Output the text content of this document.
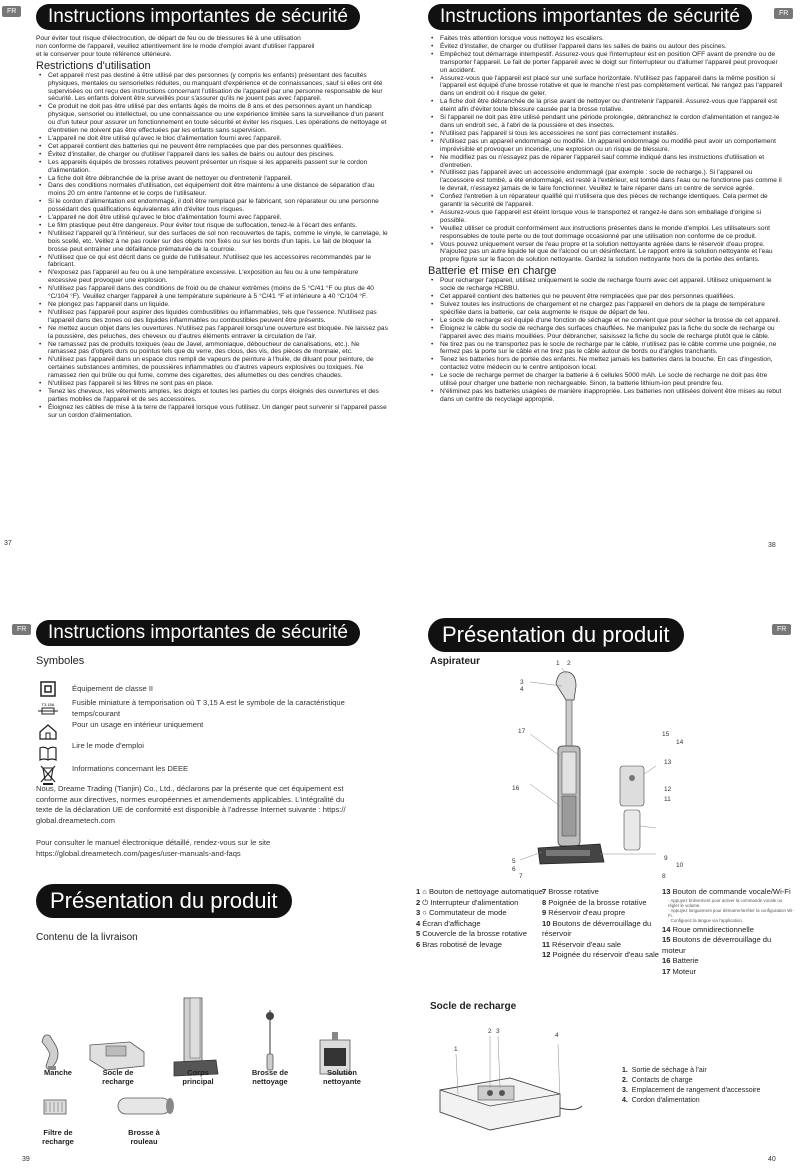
FR	Instructions importantes de sécurité
Pour éviter tout risque d'électrocution, de départ de feu ou de blessures lié à une utilisation
non conforme de l'appareil, veuillez attentivement lire le mode d'emploi avant d'utiliser l'appareil
et le conserver pour toute référence ultérieure.
Restrictions d'utilisation
• Cet appareil n'est pas destiné à être utilisé par des personnes (y compris les enfants) présentant des facultés physiques, mentales ou sensorielles réduites, ou manquant d'expérience et de connaissances, sauf si elles ont été supervisées ou ont reçu des instructions concernant l'utilisation de l'appareil par une personne responsable de leur sécurité. Les enfants doivent être surveillés pour s'assurer qu'ils ne jouent pas avec l'appareil.
• Ce produit ne doit pas être utilisé par des enfants âgés de moins de 8 ans et des personnes ayant un handicap physique, sensoriel ou intellectuel, ou une connaissance ou une expérience limitée sans la surveillance d'un parent ou d'un tuteur pour assurer un fonctionnement en toute sécurité et éviter les risques. Les opérations de nettoyage et d'entretien ne doivent pas être effectuées par les enfants sans supervision.
• L'appareil ne doit être utilisé qu'avec le bloc d'alimentation fourni avec l'appareil.
• Cet appareil contient des batteries qui ne peuvent être remplacées que par des personnes qualifiées.
• Évitez d'installer, de charger ou d'utiliser l'appareil dans les salles de bains ou autour des piscines.
• Les appareils équipés de brosses rotatives peuvent présenter un risque si les appareils passent sur le cordon d'alimentation.
• La fiche doit être débranchée de la prise avant de nettoyer ou d'entretenir l'appareil.
• Dans des conditions normales d'utilisation, cet équipement doit être maintenu à une distance de séparation d'au moins 20 cm entre l'antenne et le corps de l'utilisateur.
• Si le cordon d'alimentation est endommagé, il doit être remplacé par le fabricant, son réparateur ou une personne possédant des qualifications équivalentes afin d'éviter tous risques.
• L'appareil ne doit être utilisé qu'avec le bloc d'alimentation fourni avec l'appareil.
• Le film plastique peut être dangereux. Pour éviter tout risque de suffocation, tenez-le à l'écart des enfants.
• N'utilisez l'appareil qu'à l'intérieur, sur des surfaces de sol non recouvertes de tapis, comme le vinyle, le carrelage, le bois scellé, etc. Veillez à ne pas rouler sur des objets non fixés ou sur les bords d'un tapis. Le fait de bloquer la brosse peut entraîner une défaillance prématurée de la courroie.
• N'utilisez que ce qui est décrit dans ce guide de l'utilisateur. N'utilisez que les accessoires recommandés par le fabricant.
• N'exposez pas l'appareil au feu ou à une température excessive. L'exposition au feu ou à une température excessive peut provoquer une explosion.
• N'utilisez pas l'appareil dans des conditions de froid ou de chaleur extrêmes (moins de 5 °C/41 °F ou plus de 40 °C/104 °F). Veuillez charger l'appareil à une température supérieure à 5 °C/41 °F et inférieure à 40 °C/104 °F.
• Ne plongez pas l'appareil dans un liquide.
• N'utilisez pas l'appareil pour aspirer des liquides combustibles ou inflammables, tels que l'essence. N'utilisez pas l'appareil dans des zones où des liquides inflammables ou combustibles peuvent être présents.
• Ne mettez aucun objet dans les ouvertures. N'utilisez pas l'appareil lorsqu'une ouverture est bloquée. Ne laissez pas la poussière, des peluches, des cheveux ou d'autres éléments entraver la circulation de l'air.
• Ne ramassez pas de produits toxiques (eau de Javel, ammoniaque, déboucheur de canalisations, etc.). Ne ramassez pas d'objets durs ou pointus tels que du verre, des clous, des vis, des pièces de monnaie, etc.
• N'utilisez pas l'appareil dans un espace clos rempli de vapeurs de peinture à l'huile, de diluant pour peinture, de certaines substances antimites, de poussières inflammables ou d'autres vapeurs explosives ou toxiques. Ne ramassez rien qui brûle ou qui fume, comme des cigarettes, des allumettes ou des cendres chaudes.
• N'utilisez pas l'appareil si les filtres ne sont pas en place.
• Tenez les cheveux, les vêtements amples, les doigts et toutes les parties du corps éloignés des ouvertures et des parties mobiles de l'appareil et de ses accessoires.
• Éloignez les câbles de mise à la terre de l'appareil lorsque vous l'utilisez. Un danger peut survenir si l'appareil passe sur un cordon d'alimentation.
37
FR
Instructions importantes de sécurité
• Faites très attention lorsque vous nettoyez les escaliers.
• Évitez d'installer, de charger ou d'utiliser l'appareil dans les salles de bains ou autour des piscines.
• Empêchez tout démarrage intempestif. Assurez-vous que l'interrupteur est en position OFF avant de prendre ou de transporter l'appareil. Le fait de porter l'appareil avec le doigt sur l'interrupteur ou d'allumer l'appareil peut provoquer un accident.
• Assurez-vous que l'appareil est placé sur une surface horizontale. N'utilisez pas l'appareil dans la même position si l'appareil est équipé d'une brosse rotative et que le manche n'est pas complètement vertical. Ne rangez pas l'appareil dans un endroit où il risque de geler.
• La fiche doit être débranchée de la prise avant de nettoyer ou d'entretenir l'appareil. Assurez-vous que l'appareil est éteint afin d'éviter toute blessure causée par la brosse rotative.
• Si l'appareil ne doit pas être utilisé pendant une période prolongée, débranchez le cordon d'alimentation et rangez-le dans un endroit sec, à l'abri de la poussière et des insectes.
• N'utilisez pas l'appareil si tous les accessoires ne sont pas correctement installés.
• N'utilisez pas un appareil endommagé ou modifié. Un appareil endommagé ou modifié peut avoir un comportement imprévisible et provoquer un incendie, une explosion ou un risque de blessure.
• Ne modifiez pas ou n'essayez pas de réparer l'appareil sauf comme indiqué dans les instructions d'utilisation et d'entretien.
• N'utilisez pas l'appareil avec un accessoire endommagé (par exemple : socle de recharge.). Si l'appareil ou l'accessoire est tombé, a été endommagé, est resté à l'extérieur, est tombé dans l'eau ou ne fonctionne pas comme il le devrait, n'essayez jamais de le faire fonctionner. Veuillez le faire réparer dans un centre de service agréé.
• Confiez l'entretien à un réparateur qualifié qui n'utilisera que des pièces de rechange identiques. Cela permet de garantir la sécurité de l'appareil.
• Assurez-vous que l'appareil est éteint lorsque vous le transportez et rangez-le dans son emballage d'origine si possible.
• Veuillez utiliser ce produit conformément aux instructions présentes dans le monde d'emploi. Les utilisateurs sont responsables de toute perte ou de tout dommage occasionné par une utilisation non conforme de ce produit.
• Vous pouvez uniquement verser de l'eau propre et la solution nettoyante agréée dans le réservoir d'eau propre. N'ajoutez pas un autre liquide tel que de l'alcool ou un désinfectant. Le rapport entre la solution nettoyante et l'eau propre figure sur le flacon de solution nettoyante. Gardez la solution nettoyante hors de la portée des enfants.
Batterie et mise en charge
• Pour recharger l'appareil, utilisez uniquement le socle de recharge fourni avec cet appareil. Utilisez uniquement le socle de recharge HCBBU.
• Cet appareil contient des batteries qui ne peuvent être remplacées que par des personnes qualifiées.
• Suivez toutes les instructions de chargement et ne chargez pas l'appareil en dehors de la plage de température spécifiée dans la batterie, car cela augmente le risque de départ de feu.
• Le socle de recharge est équipé d'une fonction de séchage et ne convient que pour sécher la brosse de cet appareil.
• Éloignez le câble du socle de recharge des surfaces chauffées. Ne manipulez pas la fiche du socle de recharge ou l'appareil avec des mains mouillées. Pour débrancher, saisissez la fiche du socle de recharge plutôt que le câble.
• Ne tirez pas ou ne transportez pas le socle de recharge par le câble, n'utilisez pas le câble comme une poignée, ne fermez pas la porte sur le câble et ne tirez pas le câble autour de bords ou d'angles tranchants.
• Tenez les batteries hors de portée des enfants. Ne mettez jamais les batteries dans la bouche. En cas d'ingestion, contactez votre médecin ou le centre antipoison local.
• Le socle de recharge permet de charger la batterie à 6 cellules 5000 mAh. Le socle de recharge ne doit pas être utilisé pour charger une batterie non rechargeable. Sinon, la batterie lithium-ion peut prendre feu.
• N'éliminez pas les batteries usagées de manière inappropriée. Les batteries non utilisées doivent être mises au rebut dans un centre de recyclage approprié.
38
FR	Instructions importantes de sécurité
Symboles
T3.15A
Équipement de classe II
Fusible miniature à temporisation où T 3,15 A est le symbole de la caractéristique temps/courant
Pour un usage en intérieur uniquement
Lire le mode d'emploi
Informations concernant les DEEE
Nous, Dreame Trading (Tianjin) Co., Ltd., déclarons par la présente que cet équipement est
conforme aux directives, normes européennes et amendements applicables. L'intégralité du
texte de la déclaration UE de conformité est disponible à l'adresse Internet suivante : https://
global.dreametech.com
Pour consulter le manuel électronique détaillé, rendez-vous sur le site
https://global.dreametech.com/pages/user-manuals-and-faqs
Présentation du produit
Contenu de la livraison
Manche	Socle de
recharge
Corps
principal
Brosse de
nettoyage
Solution
nettoyante
Filtre de
recharge
Brosse à
rouleau
39
FR
Présentation du produit
Aspirateur	1 2
3
4
5
6
7	8
9
10
11
12
13
14
15
16
17
1 ⌂ Bouton de nettoyage automatique
2 ⏻ Interrupteur d'alimentation
3 ○ Commutateur de mode
4 Écran d'affichage
5 Couvercle de la brosse rotative
6 Bras robotisé de levage
7 Brosse rotative
8 Poignée de la brosse rotative
9 Réservoir d'eau propre
10 Boutons de déverrouillage du réservoir
11 Réservoir d'eau sale
12 Poignée du réservoir d'eau sale
13 Bouton de commande vocale/Wi-Fi
· Appuyez brièvement pour activer la commande vocale ou régler le volume.
· Appuyez longuement pour démarrer/arrêter la configuration Wi-Fi.
· Configurez la langue via l'application.
14 Roue omnidirectionnelle
15 Boutons de déverrouillage du moteur
16 Batterie
17 Moteur
Socle de recharge
1
2 3
4
1. Sortie de séchage à l'air
2. Contacts de charge
3. Emplacement de rangement d'accessoire
4. Cordon d'alimentation
40
